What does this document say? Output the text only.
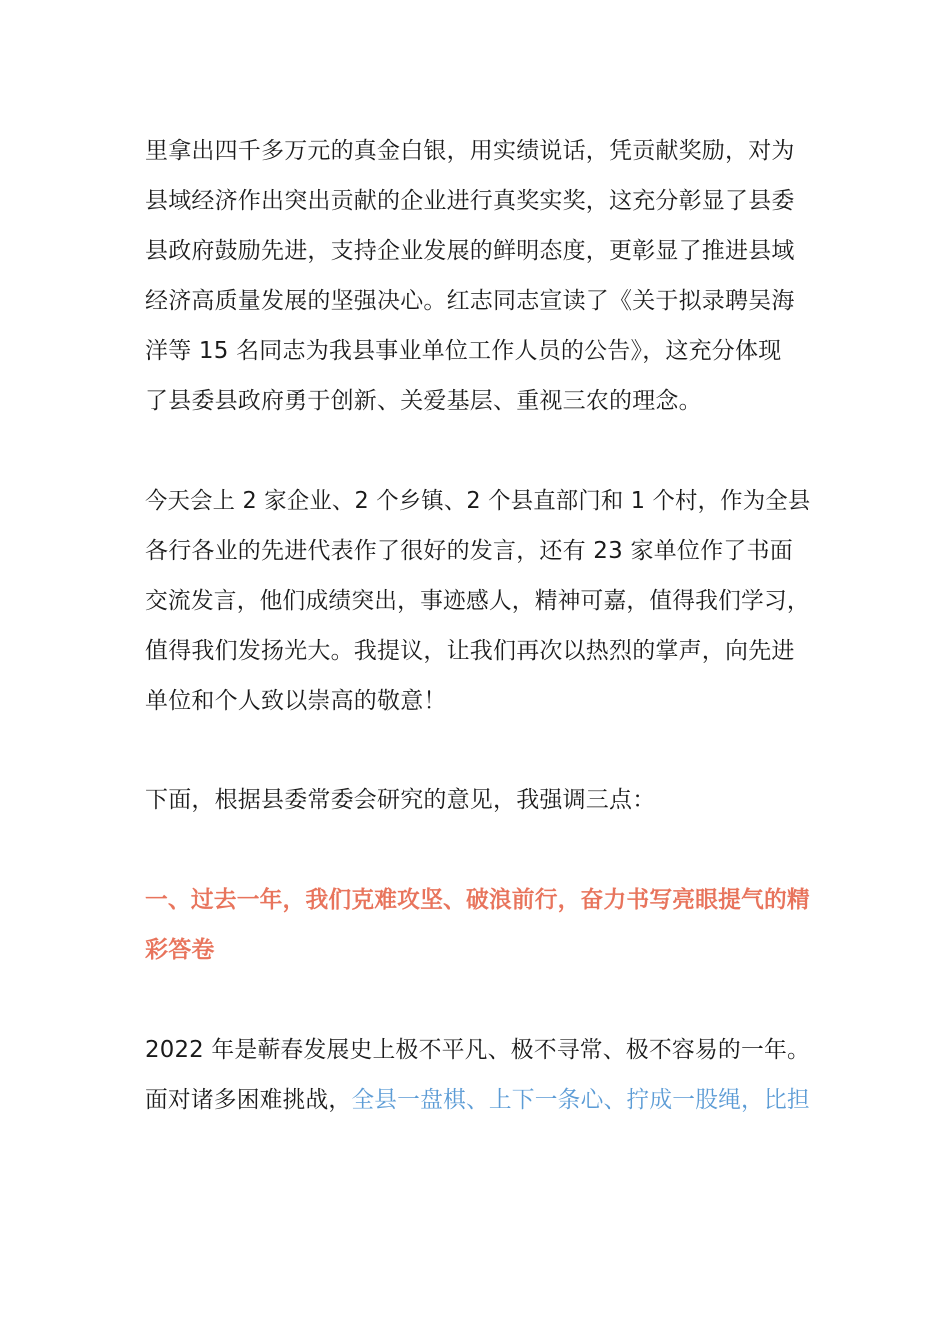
里拿出四千多万元的真金白银，用实绩说话，凭贡献奖励，对为
县域经济作出突出贡献的企业进行真奖实奖，这充分彰显了县委
县政府鼓励先进，支持企业发展的鲜明态度，更彰显了推进县域
经济高质量发展的坚强决心。红志同志宣读了《关于拟录聘吴海
洋等 15 名同志为我县事业单位工作人员的公告》，这充分体现
了县委县政府勇于创新、关爱基层、重视三农的理念。

今天会上 2 家企业、2 个乡镇、2 个县直部门和 1 个村，作为全县
各行各业的先进代表作了很好的发言，还有 23 家单位作了书面
交流发言，他们成绩突出，事迹感人，精神可嘉，值得我们学习，
值得我们发扬光大。我提议，让我们再次以热烈的掌声，向先进
单位和个人致以崇高的敬意！

下面，根据县委常委会研究的意见，我强调三点：

一、过去一年，我们克难攻坚、破浪前行，奋力书写亮眼提气的精
彩答卷

2022 年是蕲春发展史上极不平凡、极不寻常、极不容易的一年。
面对诸多困难挑战，全县一盘棋、上下一条心、拧成一股绳，比担
